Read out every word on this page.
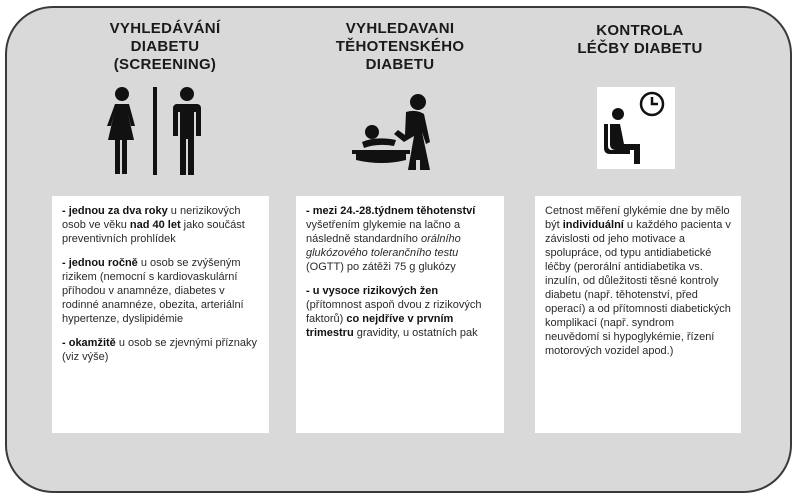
VYHLEDÁVÁNÍ
DIABETU
(SCREENING)

- jednou za dva roky u nerizikových osob ve věku nad 40 let jako součást preventivních prohlídek

- jednou ročně u osob se zvýšeným rizikem (nemocní s kardiovaskulární příhodou v anamnéze, diabetes v rodinné anamnéze, obezita, arteriální hypertenze, dyslipidémie

- okamžitě u osob se zjevnými příznaky (viz výše)

VYHLEDAVANI
TĚHOTENSKÉHO
DIABETU

- mezi 24.-28.týdnem těhotenství vyšetřením glykemie na lačno a následně standardního orálního glukózového tolerančního testu (OGTT) po zátěži 75 g glukózy

- u vysoce rizikových žen (přítomnost aspoň dvou z rizikových faktorů) co nejdříve v prvním trimestru gravidity, u ostatních pak

KONTROLA
LÉČBY DIABETU

Cetnost měření glykémie dne by mělo být individuální u každého pacienta v závislosti od jeho motivace a spolupráce, od typu antidiabetické léčby (perorální antidiabetika vs. inzulín, od důležitosti těsné kontroly diabetu (např. těhotenství, před operací) a od přítomnosti diabetických komplikací (např. syndrom neuvědomí si hypoglykémie, řízení motorových vozidel apod.)
